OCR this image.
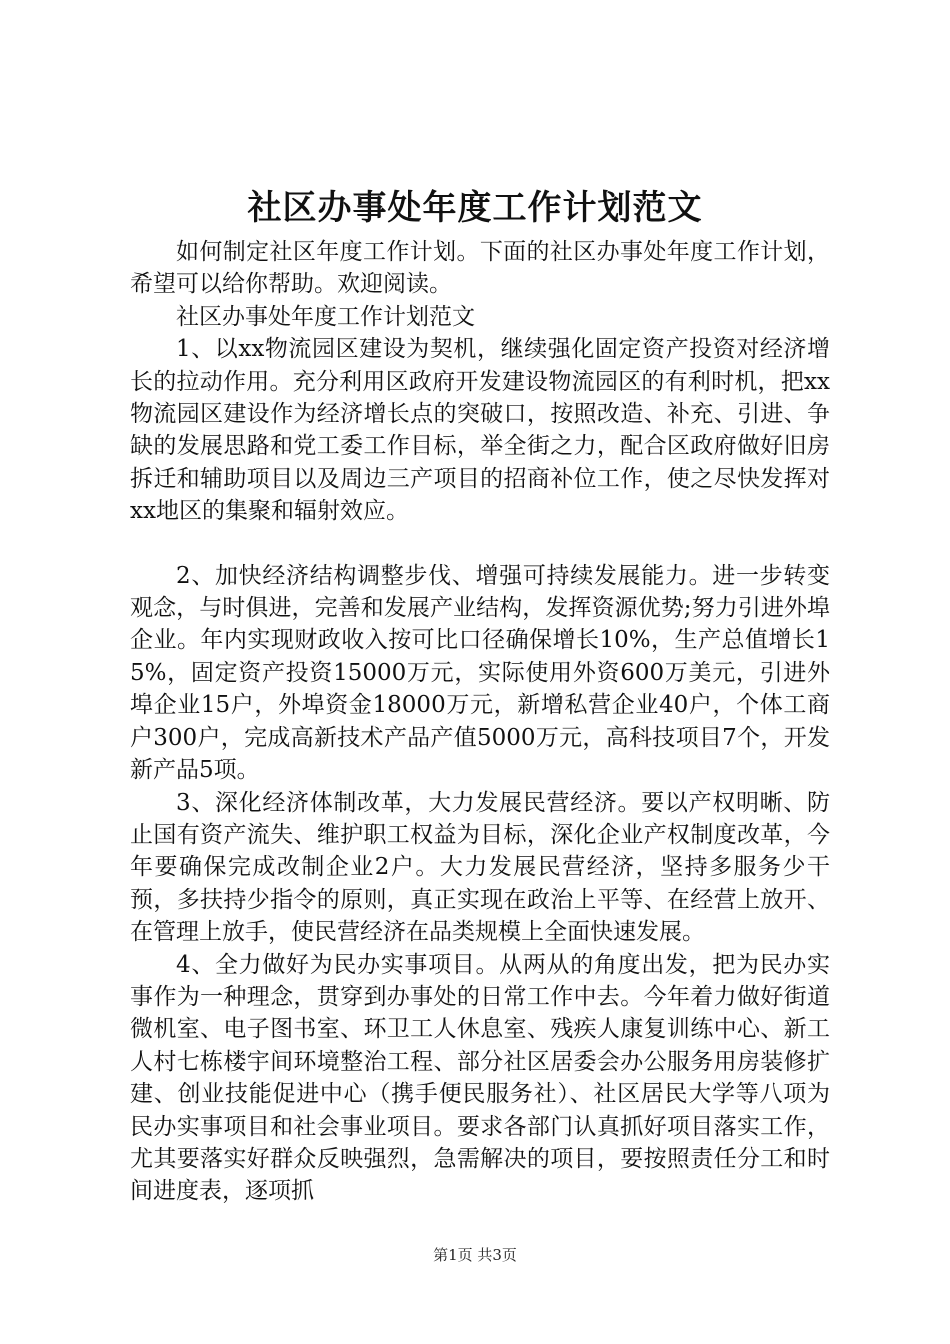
社区办事处年度工作计划范文

如何制定社区年度工作计划。下面的社区办事处年度工作计划，希望可以给你帮助。欢迎阅读。

社区办事处年度工作计划范文

1、以xx物流园区建设为契机，继续强化固定资产投资对经济增长的拉动作用。充分利用区政府开发建设物流园区的有利时机，把xx物流园区建设作为经济增长点的突破口，按照改造、补充、引进、争缺的发展思路和党工委工作目标，举全街之力，配合区政府做好旧房拆迁和辅助项目以及周边三产项目的招商补位工作，使之尽快发挥对xx地区的集聚和辐射效应。

2、加快经济结构调整步伐、增强可持续发展能力。进一步转变观念，与时俱进，完善和发展产业结构，发挥资源优势;努力引进外埠企业。年内实现财政收入按可比口径确保增长10%，生产总值增长15%，固定资产投资15000万元，实际使用外资600万美元，引进外埠企业15户，外埠资金18000万元，新增私营企业40户，个体工商户300户，完成高新技术产品产值5000万元，高科技项目7个，开发新产品5项。

3、深化经济体制改革，大力发展民营经济。要以产权明晰、防止国有资产流失、维护职工权益为目标，深化企业产权制度改革，今年要确保完成改制企业2户。大力发展民营经济，坚持多服务少干预，多扶持少指令的原则，真正实现在政治上平等、在经营上放开、在管理上放手，使民营经济在品类规模上全面快速发展。

4、全力做好为民办实事项目。从两从的角度出发，把为民办实事作为一种理念，贯穿到办事处的日常工作中去。今年着力做好街道微机室、电子图书室、环卫工人休息室、残疾人康复训练中心、新工人村七栋楼宇间环境整治工程、部分社区居委会办公服务用房装修扩建、创业技能促进中心（携手便民服务社）、社区居民大学等八项为民办实事项目和社会事业项目。要求各部门认真抓好项目落实工作，尤其要落实好群众反映强烈，急需解决的项目，要按照责任分工和时间进度表，逐项抓

第1页 共3页
